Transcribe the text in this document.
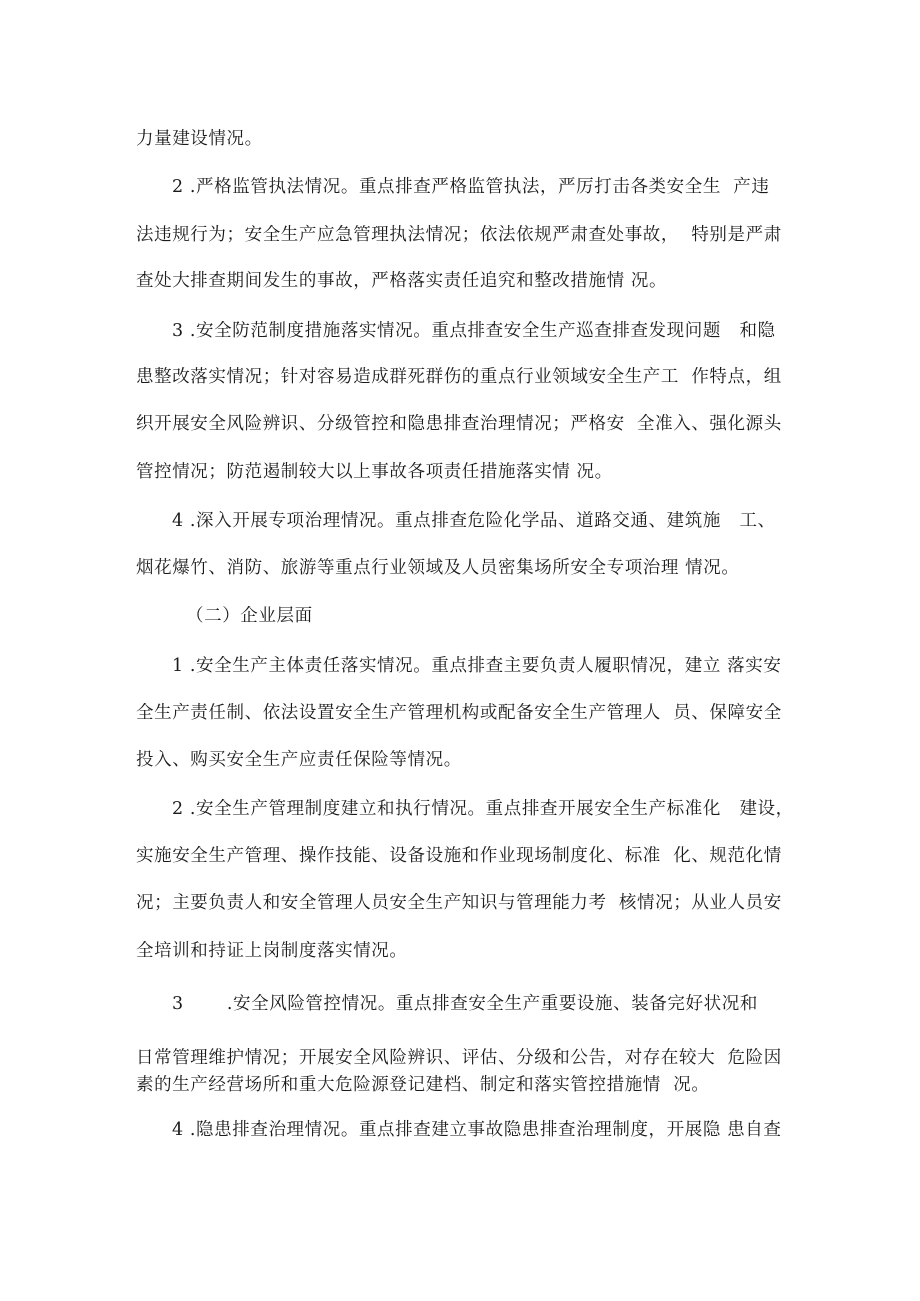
力量建设情况。

2 .严格监管执法情况。重点排查严格监管执法，严厉打击各类安全生  产违

法违规行为；安全生产应急管理执法情况；依法依规严肃查处事故，  特别是严肃

查处大排查期间发生的事故，严格落实责任追究和整改措施情 况。

3 .安全防范制度措施落实情况。重点排查安全生产巡查排查发现问题   和隐

患整改落实情况；针对容易造成群死群伤的重点行业领域安全生产工  作特点，组

织开展安全风险辨识、分级管控和隐患排查治理情况；严格安  全准入、强化源头

管控情况；防范遏制较大以上事故各项责任措施落实情 况。

4 .深入开展专项治理情况。重点排查危险化学品、道路交通、建筑施   工、

烟花爆竹、消防、旅游等重点行业领域及人员密集场所安全专项治理 情况。

（二）企业层面

1 .安全生产主体责任落实情况。重点排查主要负责人履职情况，建立 落实安

全生产责任制、依法设置安全生产管理机构或配备安全生产管理人  员、保障安全

投入、购买安全生产应责任保险等情况。

2 .安全生产管理制度建立和执行情况。重点排查开展安全生产标准化   建设，

实施安全生产管理、操作技能、设备设施和作业现场制度化、标准  化、规范化情

况；主要负责人和安全管理人员安全生产知识与管理能力考  核情况；从业人员安

全培训和持证上岗制度落实情况。

3       .安全风险管控情况。重点排查安全生产重要设施、装备完好状况和

日常管理维护情况；开展安全风险辨识、评估、分级和公告，对存在较大  危险因

素的生产经营场所和重大危险源登记建档、制定和落实管控措施情  况。

4 .隐患排查治理情况。重点排查建立事故隐患排查治理制度，开展隐 患自查
